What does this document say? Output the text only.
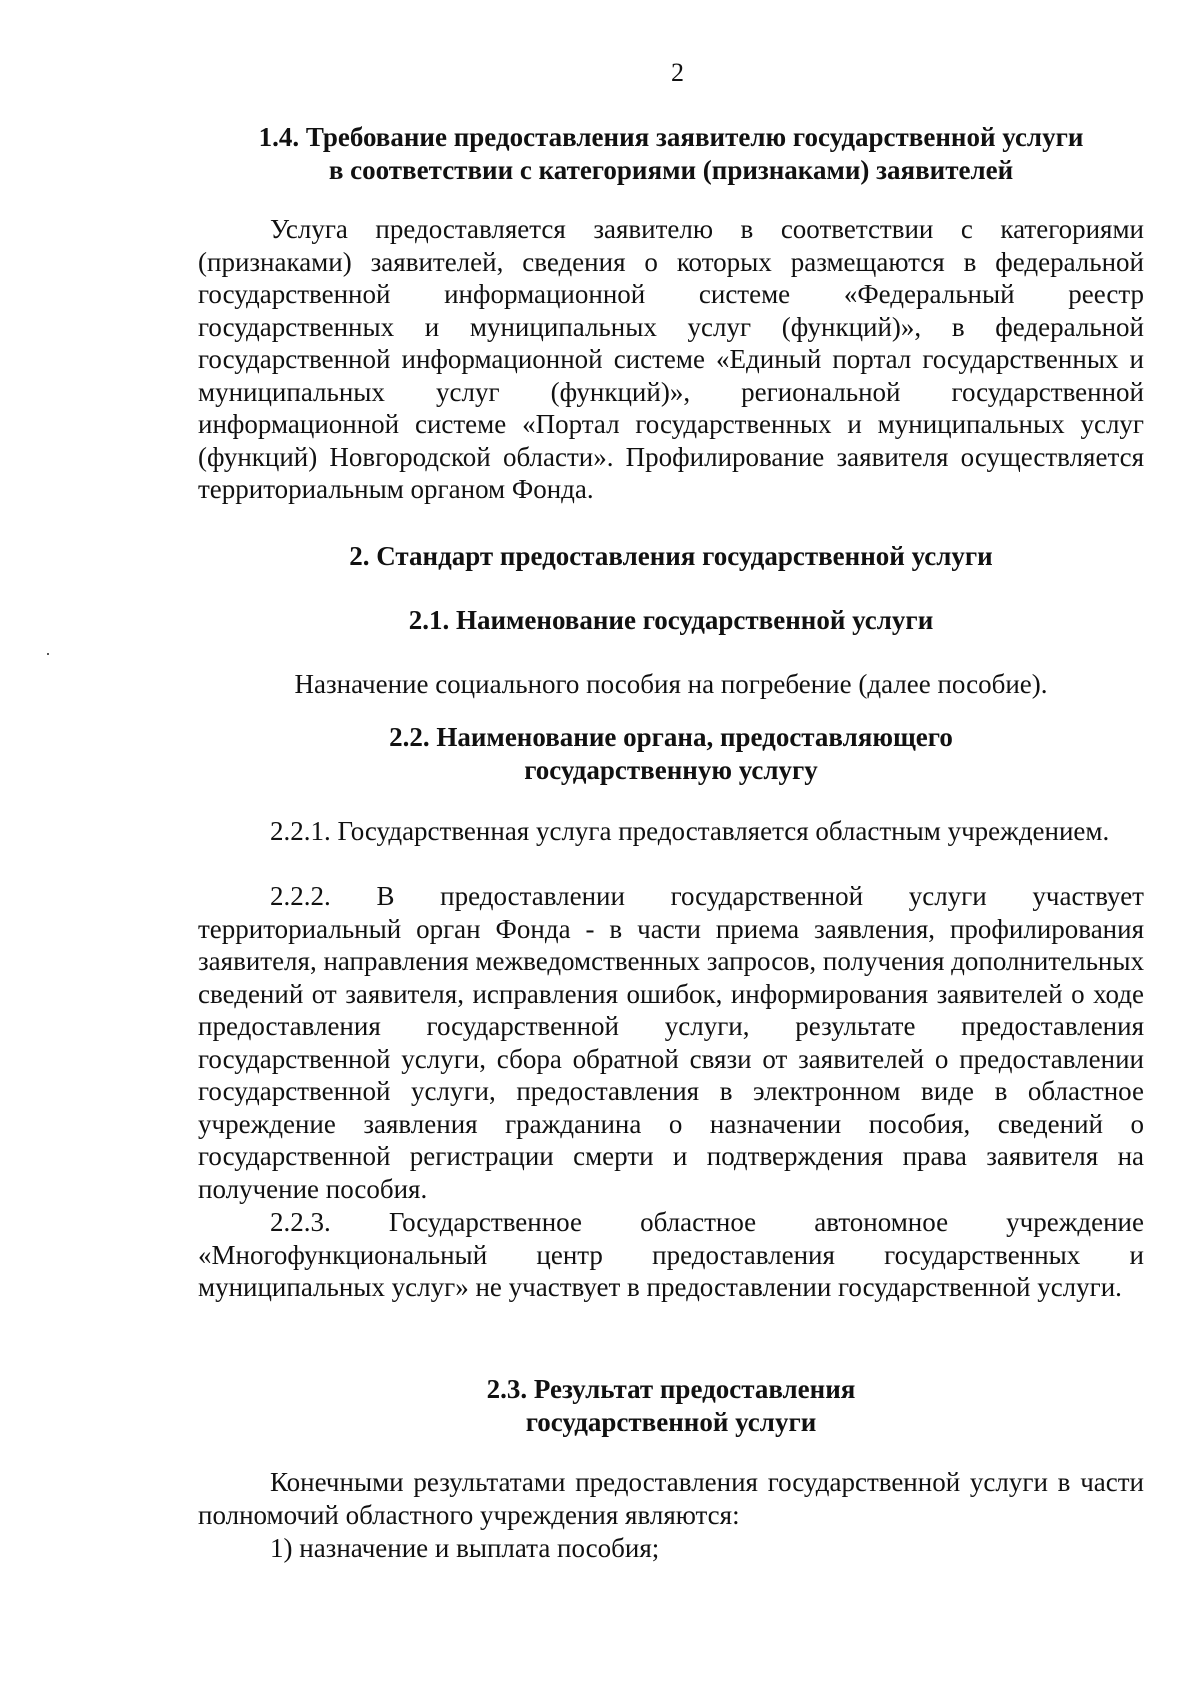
2
1.4. Требование предоставления заявителю государственной услуги
в соответствии с категориями (признаками) заявителей
Услуга предоставляется заявителю в соответствии с категориями (признаками) заявителей, сведения о которых размещаются в федеральной государственной информационной системе «Федеральный реестр государственных и муниципальных услуг (функций)», в федеральной государственной информационной системе «Единый портал государственных и муниципальных услуг (функций)», региональной государственной информационной системе «Портал государственных и муниципальных услуг (функций) Новгородской области». Профилирование заявителя осуществляется территориальным органом Фонда.
2. Стандарт предоставления государственной услуги
2.1. Наименование государственной услуги
Назначение социального пособия на погребение (далее пособие).
2.2. Наименование органа, предоставляющего
государственную услугу
2.2.1. Государственная услуга предоставляется областным учреждением.
2.2.2. В предоставлении государственной услуги участвует территориальный орган Фонда - в части приема заявления, профилирования заявителя, направления межведомственных запросов, получения дополнительных сведений от заявителя, исправления ошибок, информирования заявителей о ходе предоставления государственной услуги, результате предоставления государственной услуги, сбора обратной связи от заявителей о предоставлении государственной услуги, предоставления в электронном виде в областное учреждение заявления гражданина о назначении пособия, сведений о государственной регистрации смерти и подтверждения права заявителя на получение пособия.
2.2.3. Государственное областное автономное учреждение «Многофункциональный центр предоставления государственных и муниципальных услуг» не участвует в предоставлении государственной услуги.
2.3. Результат предоставления
государственной услуги
Конечными результатами предоставления государственной услуги в части полномочий областного учреждения являются:
1) назначение и выплата пособия;
